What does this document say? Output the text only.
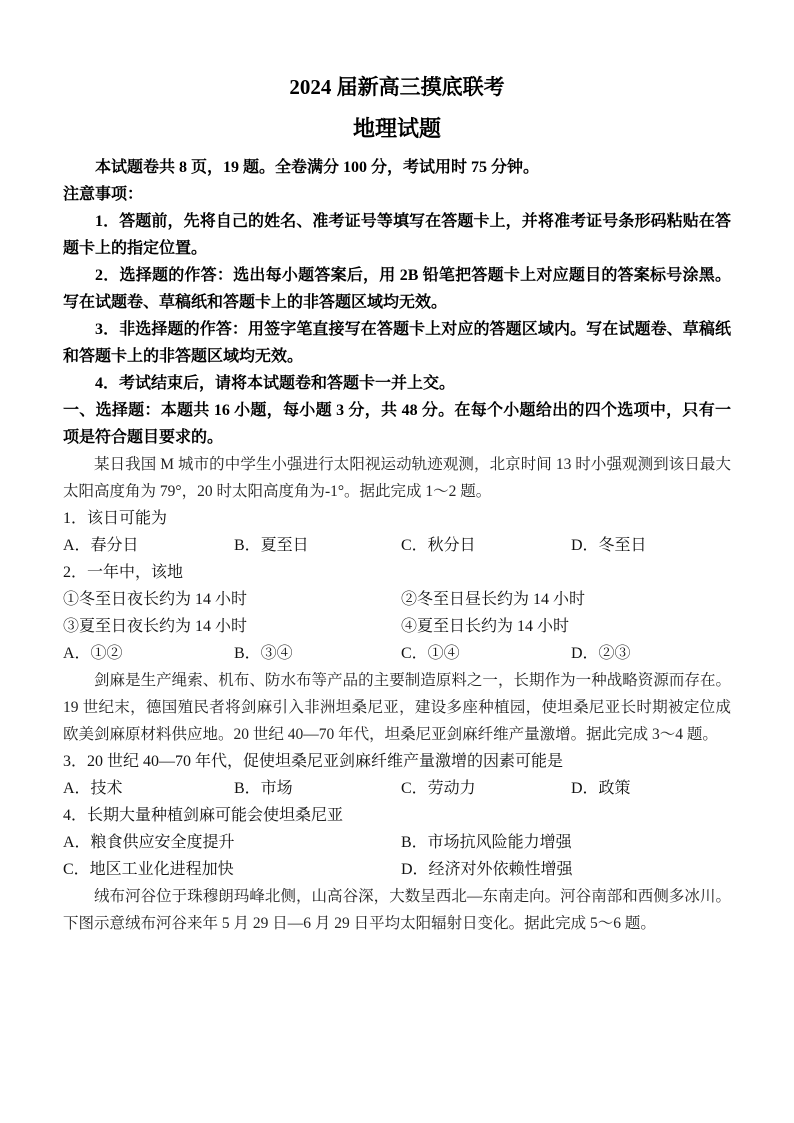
2024 届新高三摸底联考
地理试题

本试题卷共 8 页，19 题。全卷满分 100 分，考试用时 75 分钟。

注意事项：

1．答题前，先将自己的姓名、准考证号等填写在答题卡上，并将准考证号条形码粘贴在答题卡上的指定位置。

2．选择题的作答：选出每小题答案后，用 2B 铅笔把答题卡上对应题目的答案标号涂黑。写在试题卷、草稿纸和答题卡上的非答题区域均无效。

3．非选择题的作答：用签字笔直接写在答题卡上对应的答题区域内。写在试题卷、草稿纸和答题卡上的非答题区域均无效。

4．考试结束后，请将本试题卷和答题卡一并上交。

一、选择题：本题共 16 小题，每小题 3 分，共 48 分。在每个小题给出的四个选项中，只有一项是符合题目要求的。

某日我国 M 城市的中学生小强进行太阳视运动轨迹观测，北京时间 13 时小强观测到该日最大太阳高度角为 79°，20 时太阳高度角为-1°。据此完成 1～2 题。

1．该日可能为

A．春分日	B．夏至日	C．秋分日	D．冬至日

2．一年中，该地

①冬至日夜长约为 14 小时	②冬至日昼长约为 14 小时
③夏至日夜长约为 14 小时	④夏至日长约为 14 小时
A．①②	B．③④	C．①④	D．②③

剑麻是生产绳索、机布、防水布等产品的主要制造原料之一，长期作为一种战略资源而存在。19 世纪末，德国殖民者将剑麻引入非洲坦桑尼亚，建设多座种植园，使坦桑尼亚长时期被定位成欧美剑麻原材料供应地。20 世纪 40—70 年代，坦桑尼亚剑麻纤维产量激增。据此完成 3～4 题。

3．20 世纪 40—70 年代，促使坦桑尼亚剑麻纤维产量激增的因素可能是

A．技术	B．市场	C．劳动力	D．政策

4．长期大量种植剑麻可能会使坦桑尼亚

A．粮食供应安全度提升	B．市场抗风险能力增强
C．地区工业化进程加快	D．经济对外依赖性增强

绒布河谷位于珠穆朗玛峰北侧，山高谷深，大数呈西北—东南走向。河谷南部和西侧多冰川。下图示意绒布河谷来年 5 月 29 日—6 月 29 日平均太阳辐射日变化。据此完成 5～6 题。
